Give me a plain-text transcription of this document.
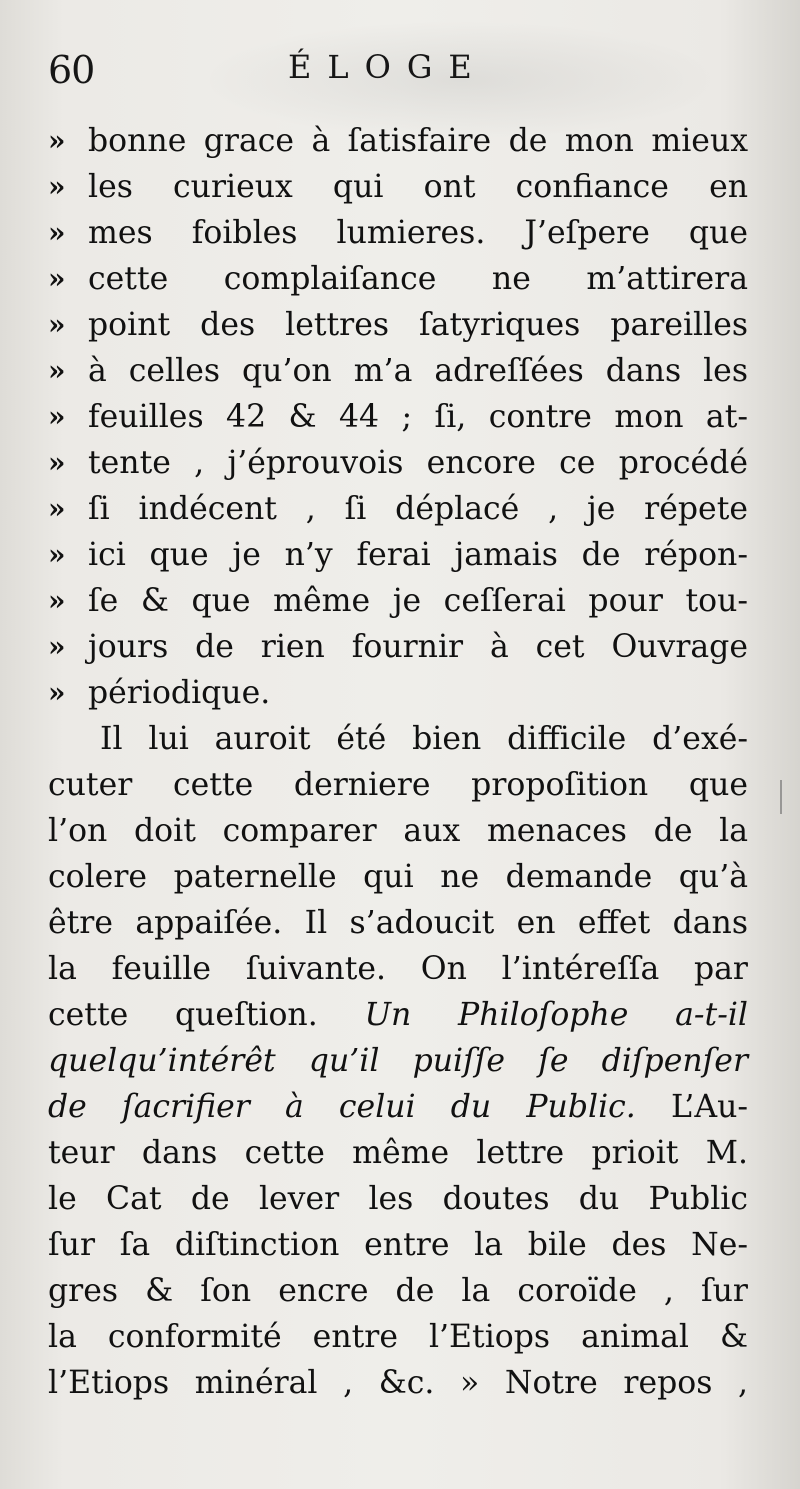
60	ÉLOGE
» bonne grace à ſatisfaire de mon mieux
» les curieux qui ont confiance en
» mes foibles lumieres. J’eſpere que
» cette complaiſance ne m’attirera
» point des lettres ſatyriques pareilles
» à celles qu’on m’a adreſſées dans les
» feuilles 42 & 44 ; ſi, contre mon at-
» tente , j’éprouvois encore ce procédé
» ſi indécent , ſi déplacé , je répete
» ici que je n’y ferai jamais de répon-
» ſe & que même je ceſſerai pour tou-
» jours de rien fournir à cet Ouvrage
» périodique.
Il lui auroit été bien difficile d’exé-
cuter cette derniere propoſition que
l’on doit comparer aux menaces de la
colere paternelle qui ne demande qu’à
être appaiſée. Il s’adoucit en effet dans
la feuille ſuivante. On l’intéreſſa par
cette queſtion. Un Philoſophe a-t-il
quelqu’intérêt qu’il puiſſe ſe diſpenſer
de ſacrifier à celui du Public. L’Au-
teur dans cette même lettre prioit M.
le Cat de lever les doutes du Public
ſur ſa diſtinction entre la bile des Ne-
gres & ſon encre de la coroïde , ſur
la conformité entre l’Etiops animal &
l’Etiops minéral , &c. » Notre repos ,
